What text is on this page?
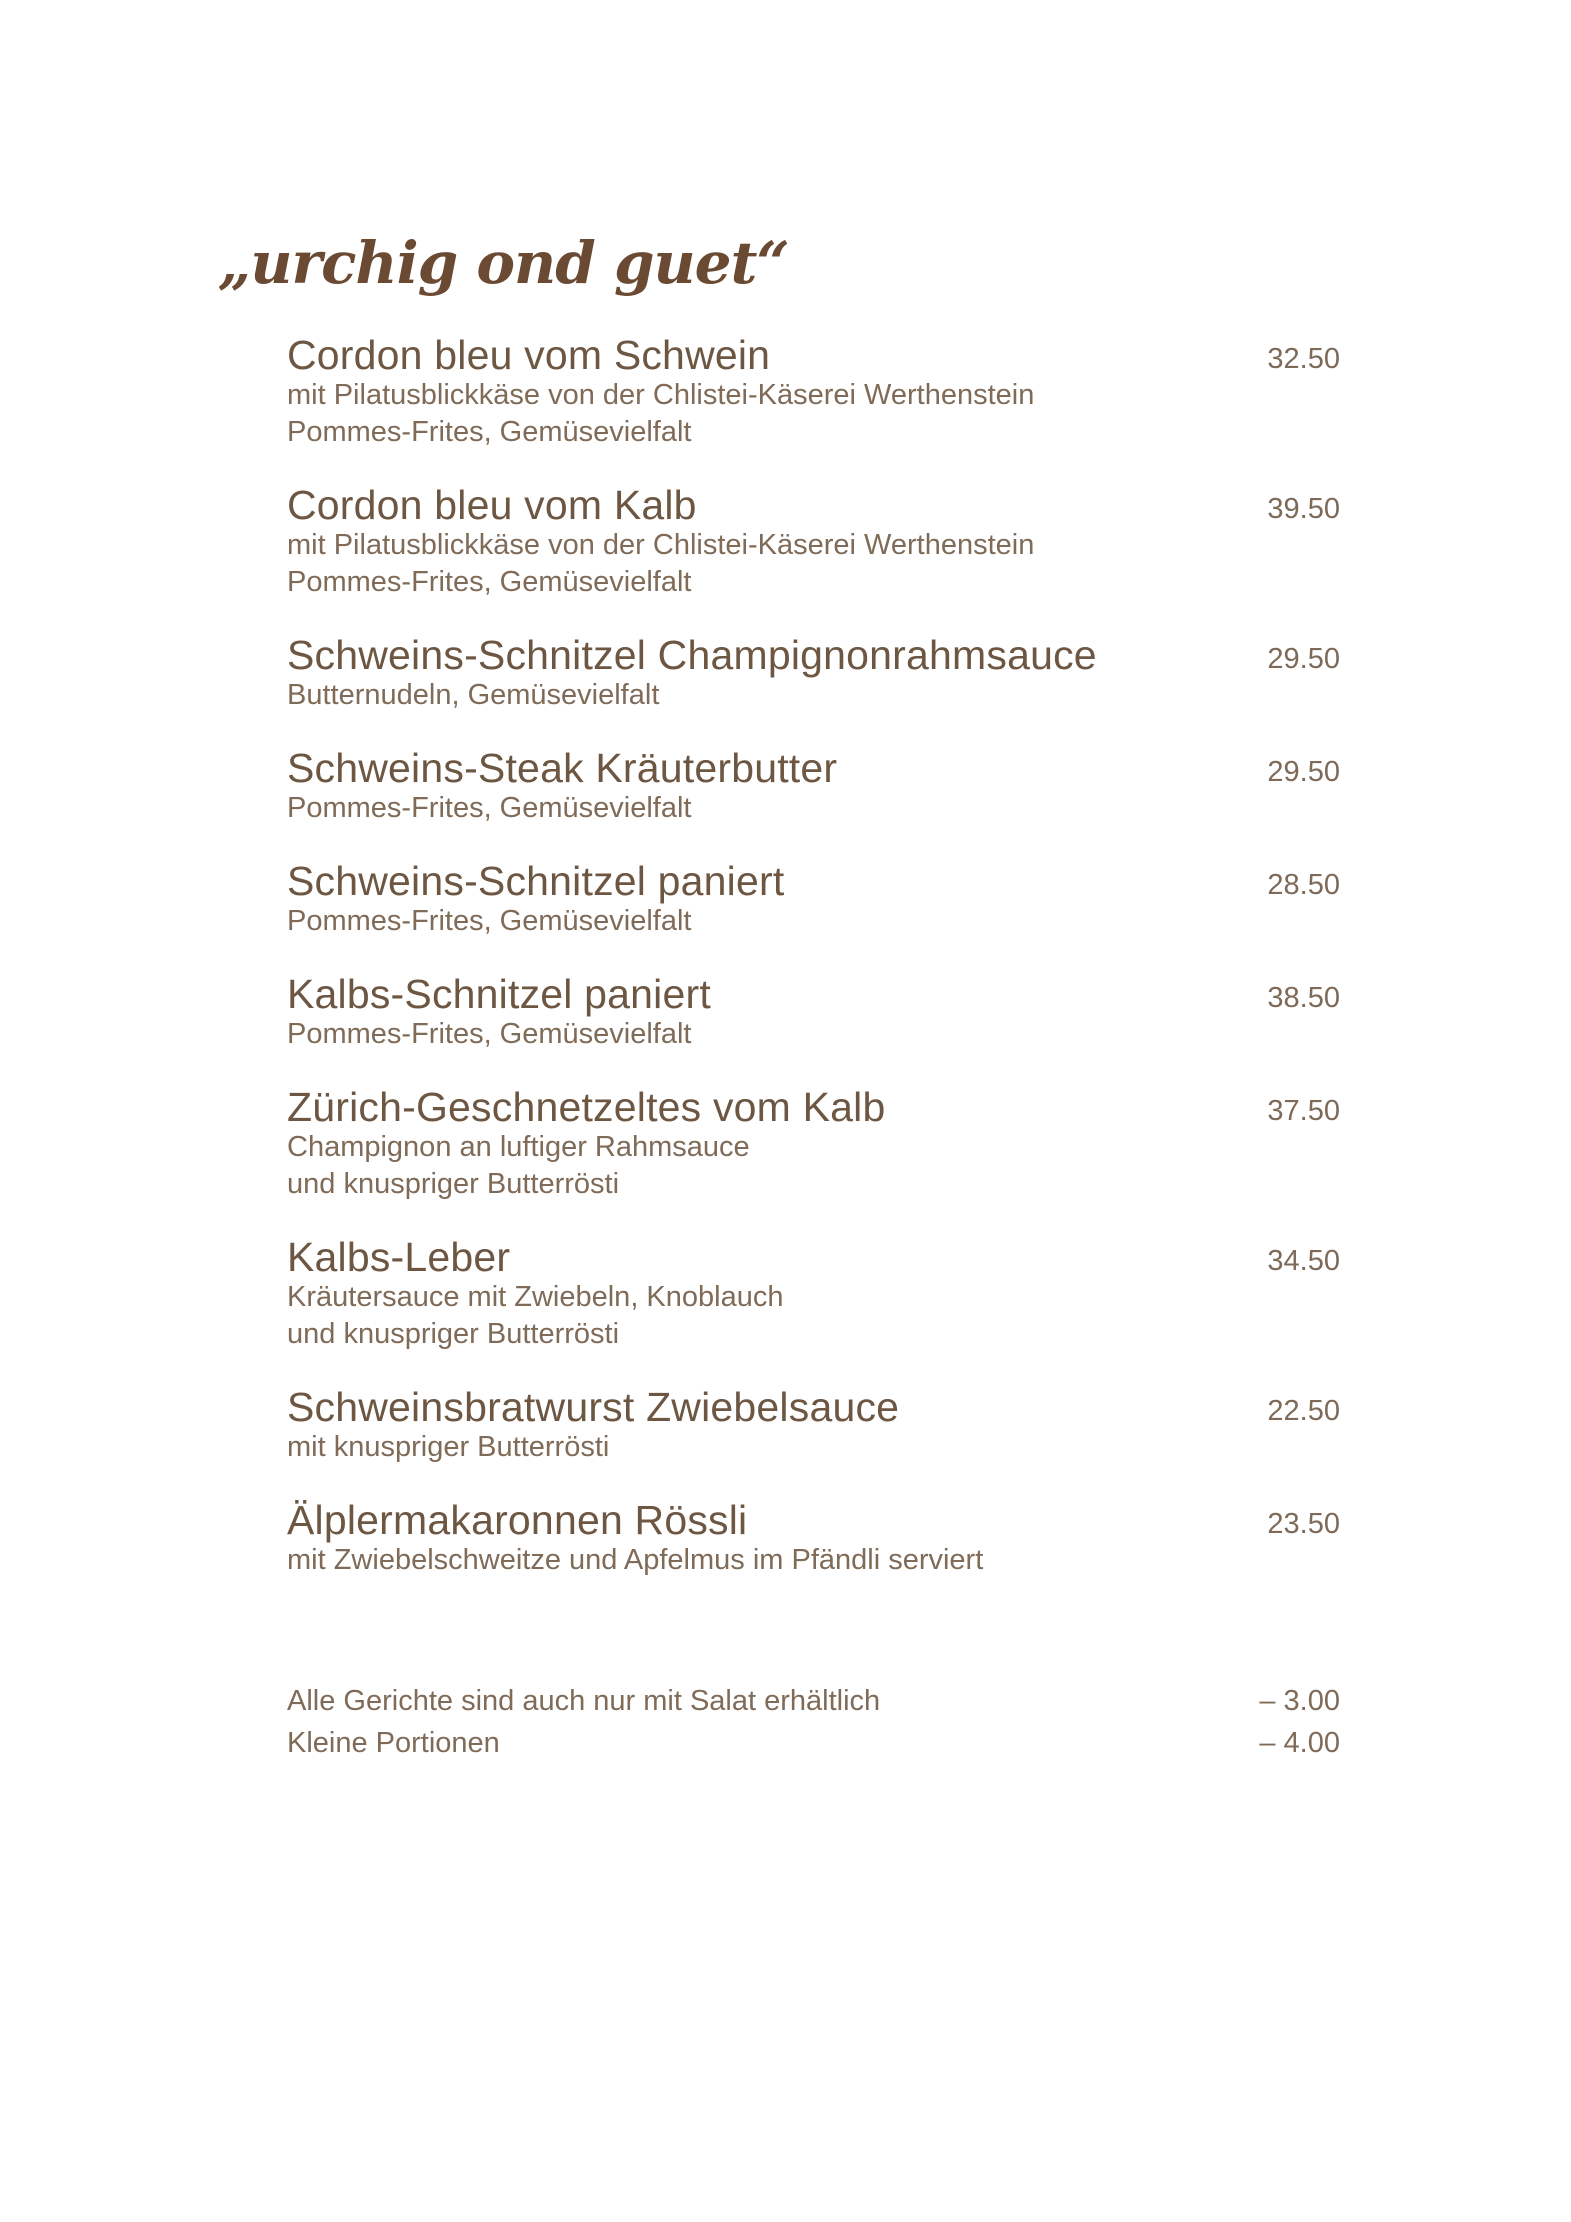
„urchig ond guet“
Cordon bleu vom Schwein	32.50
mit Pilatusblickkäse von der Chlistei-Käserei Werthenstein
Pommes-Frites, Gemüsevielfalt
Cordon bleu vom Kalb	39.50
mit Pilatusblickkäse von der Chlistei-Käserei Werthenstein
Pommes-Frites, Gemüsevielfalt
Schweins-Schnitzel Champignonrahmsauce	29.50
Butternudeln, Gemüsevielfalt
Schweins-Steak Kräuterbutter	29.50
Pommes-Frites, Gemüsevielfalt
Schweins-Schnitzel paniert	28.50
Pommes-Frites, Gemüsevielfalt
Kalbs-Schnitzel paniert	38.50
Pommes-Frites, Gemüsevielfalt
Zürich-Geschnetzeltes vom Kalb	37.50
Champignon an luftiger Rahmsauce
und knuspriger Butterrösti
Kalbs-Leber	34.50
Kräutersauce mit Zwiebeln, Knoblauch
und knuspriger Butterrösti
Schweinsbratwurst Zwiebelsauce	22.50
mit knuspriger Butterrösti
Älplermakaronnen Rössli	23.50
mit Zwiebelschweitze und Apfelmus im Pfändli serviert
Alle Gerichte sind auch nur mit Salat erhältlich	– 3.00
Kleine Portionen	– 4.00
